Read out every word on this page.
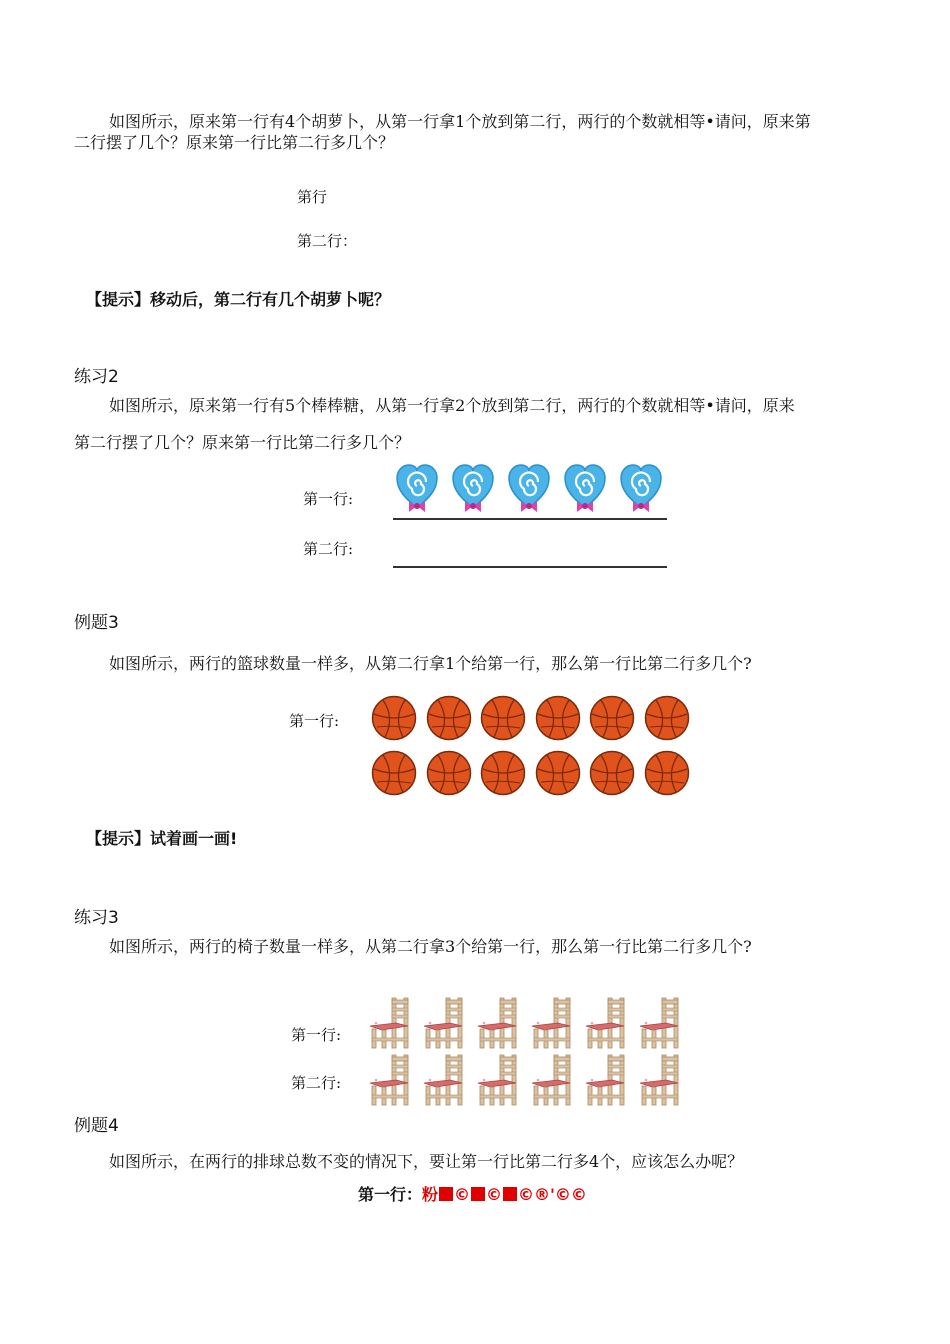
如图所示，原来第一行有4个胡萝卜，从第一行拿1个放到第二行，两行的个数就相等•请问，原来第
二行摆了几个？原来第一行比第二行多几个？
第行
第二行：
【提示】移动后，第二行有几个胡萝卜呢？
练习2
如图所示，原来第一行有5个棒棒糖，从第一行拿2个放到第二行，两行的个数就相等•请问，原来
第二行摆了几个？原来第一行比第二行多几个？
第一行:
第二行:
例题3
如图所示，两行的篮球数量一样多，从第二行拿1个给第一行，那么第一行比第二行多几个?
第一行:
【提示】试着画一画!
练习3
如图所示，两行的椅子数量一样多，从第二行拿3个给第一行，那么第一行比第二行多几个?
第一行:
第二行:
例题4
如图所示，在两行的排球总数不变的情况下，要让第一行比第二行多4个，应该怎么办呢？
第一行：粉 © © ©®'©©
